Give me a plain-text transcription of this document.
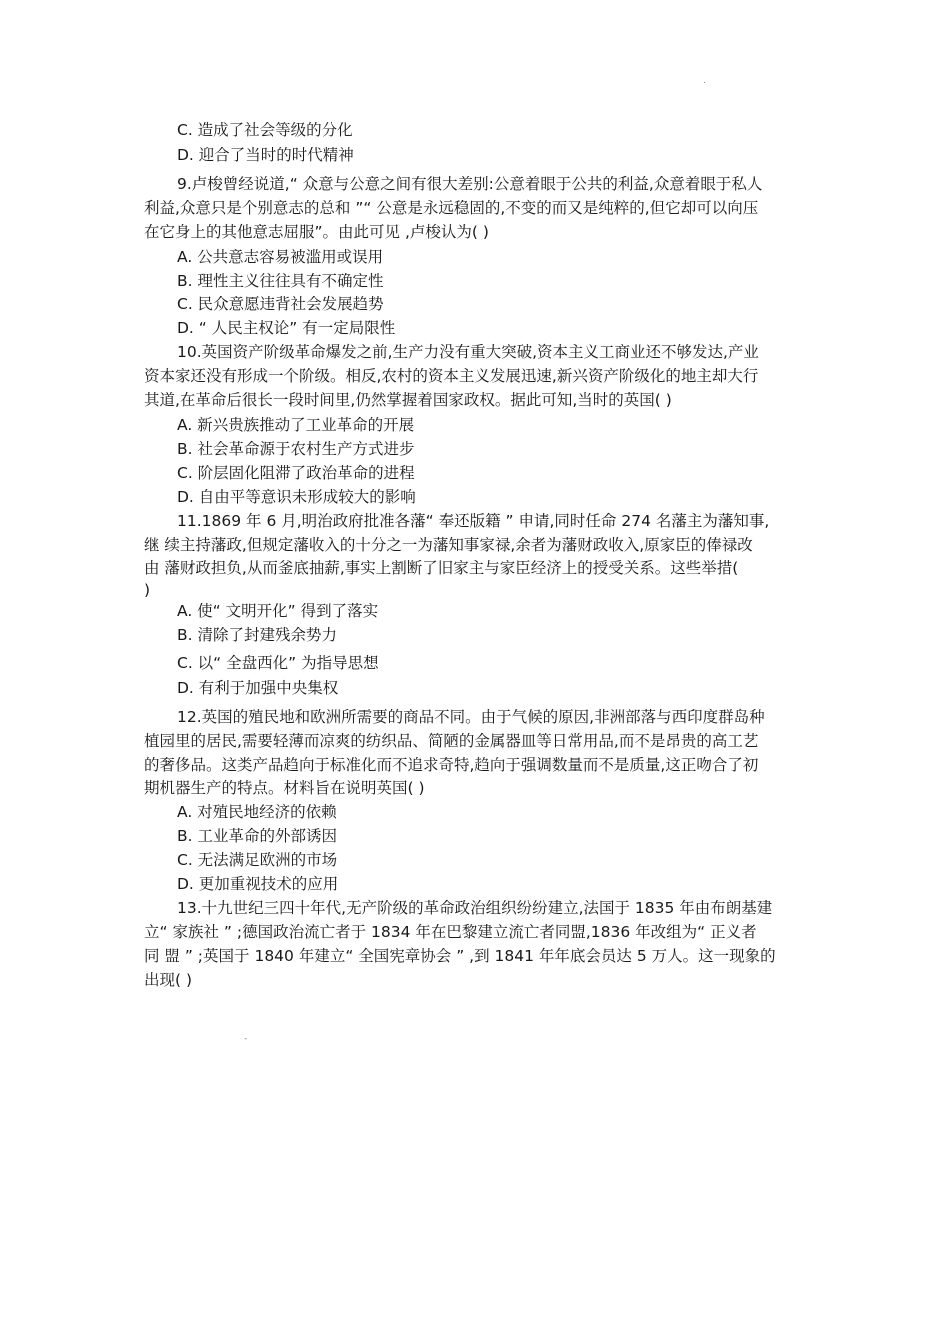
.
C. 造成了社会等级的分化
D. 迎合了当时的时代精神
9.卢梭曾经说道,“ 众意与公意之间有很大差别:公意着眼于公共的利益,众意着眼于私人
利益,众意只是个别意志的总和 ”“ 公意是永远稳固的,不变的而又是纯粹的,但它却可以向压
在它身上的其他意志屈服”。由此可见 ,卢梭认为( )
A. 公共意志容易被滥用或误用
B. 理性主义往往具有不确定性
C. 民众意愿违背社会发展趋势
D. “ 人民主权论” 有一定局限性
10.英国资产阶级革命爆发之前,生产力没有重大突破,资本主义工商业还不够发达,产业
资本家还没有形成一个阶级。相反,农村的资本主义发展迅速,新兴资产阶级化的地主却大行
其道,在革命后很长一段时间里,仍然掌握着国家政权。据此可知,当时的英国( )
A. 新兴贵族推动了工业革命的开展
B. 社会革命源于农村生产方式进步
C. 阶层固化阻滞了政治革命的进程
D. 自由平等意识未形成较大的影响
11.1869 年 6 月,明治政府批准各藩“ 奉还版籍 ” 申请,同时任命 274 名藩主为藩知事,
继 续主持藩政,但规定藩收入的十分之一为藩知事家禄,余者为藩财政收入,原家臣的俸禄改
由 藩财政担负,从而釜底抽薪,事实上割断了旧家主与家臣经济上的授受关系。这些举措(
)
A. 使“ 文明开化” 得到了落实
B. 清除了封建残余势力
C. 以“ 全盘西化” 为指导思想
D. 有利于加强中央集权
12.英国的殖民地和欧洲所需要的商品不同。由于气候的原因,非洲部落与西印度群岛种
植园里的居民,需要轻薄而凉爽的纺织品、简陋的金属器皿等日常用品,而不是昂贵的高工艺
的奢侈品。这类产品趋向于标准化而不追求奇特,趋向于强调数量而不是质量,这正吻合了初
期机器生产的特点。材料旨在说明英国( )
A. 对殖民地经济的依赖
B. 工业革命的外部诱因
C. 无法满足欧洲的市场
D. 更加重视技术的应用
13.十九世纪三四十年代,无产阶级的革命政治组织纷纷建立,法国于 1835 年由布朗基建
立“ 家族社 ” ;德国政治流亡者于 1834 年在巴黎建立流亡者同盟,1836 年改组为“ 正义者
同 盟 ” ;英国于 1840 年建立“ 全国宪章协会 ” ,到 1841 年年底会员达 5 万人。这一现象的
出现( )
-
